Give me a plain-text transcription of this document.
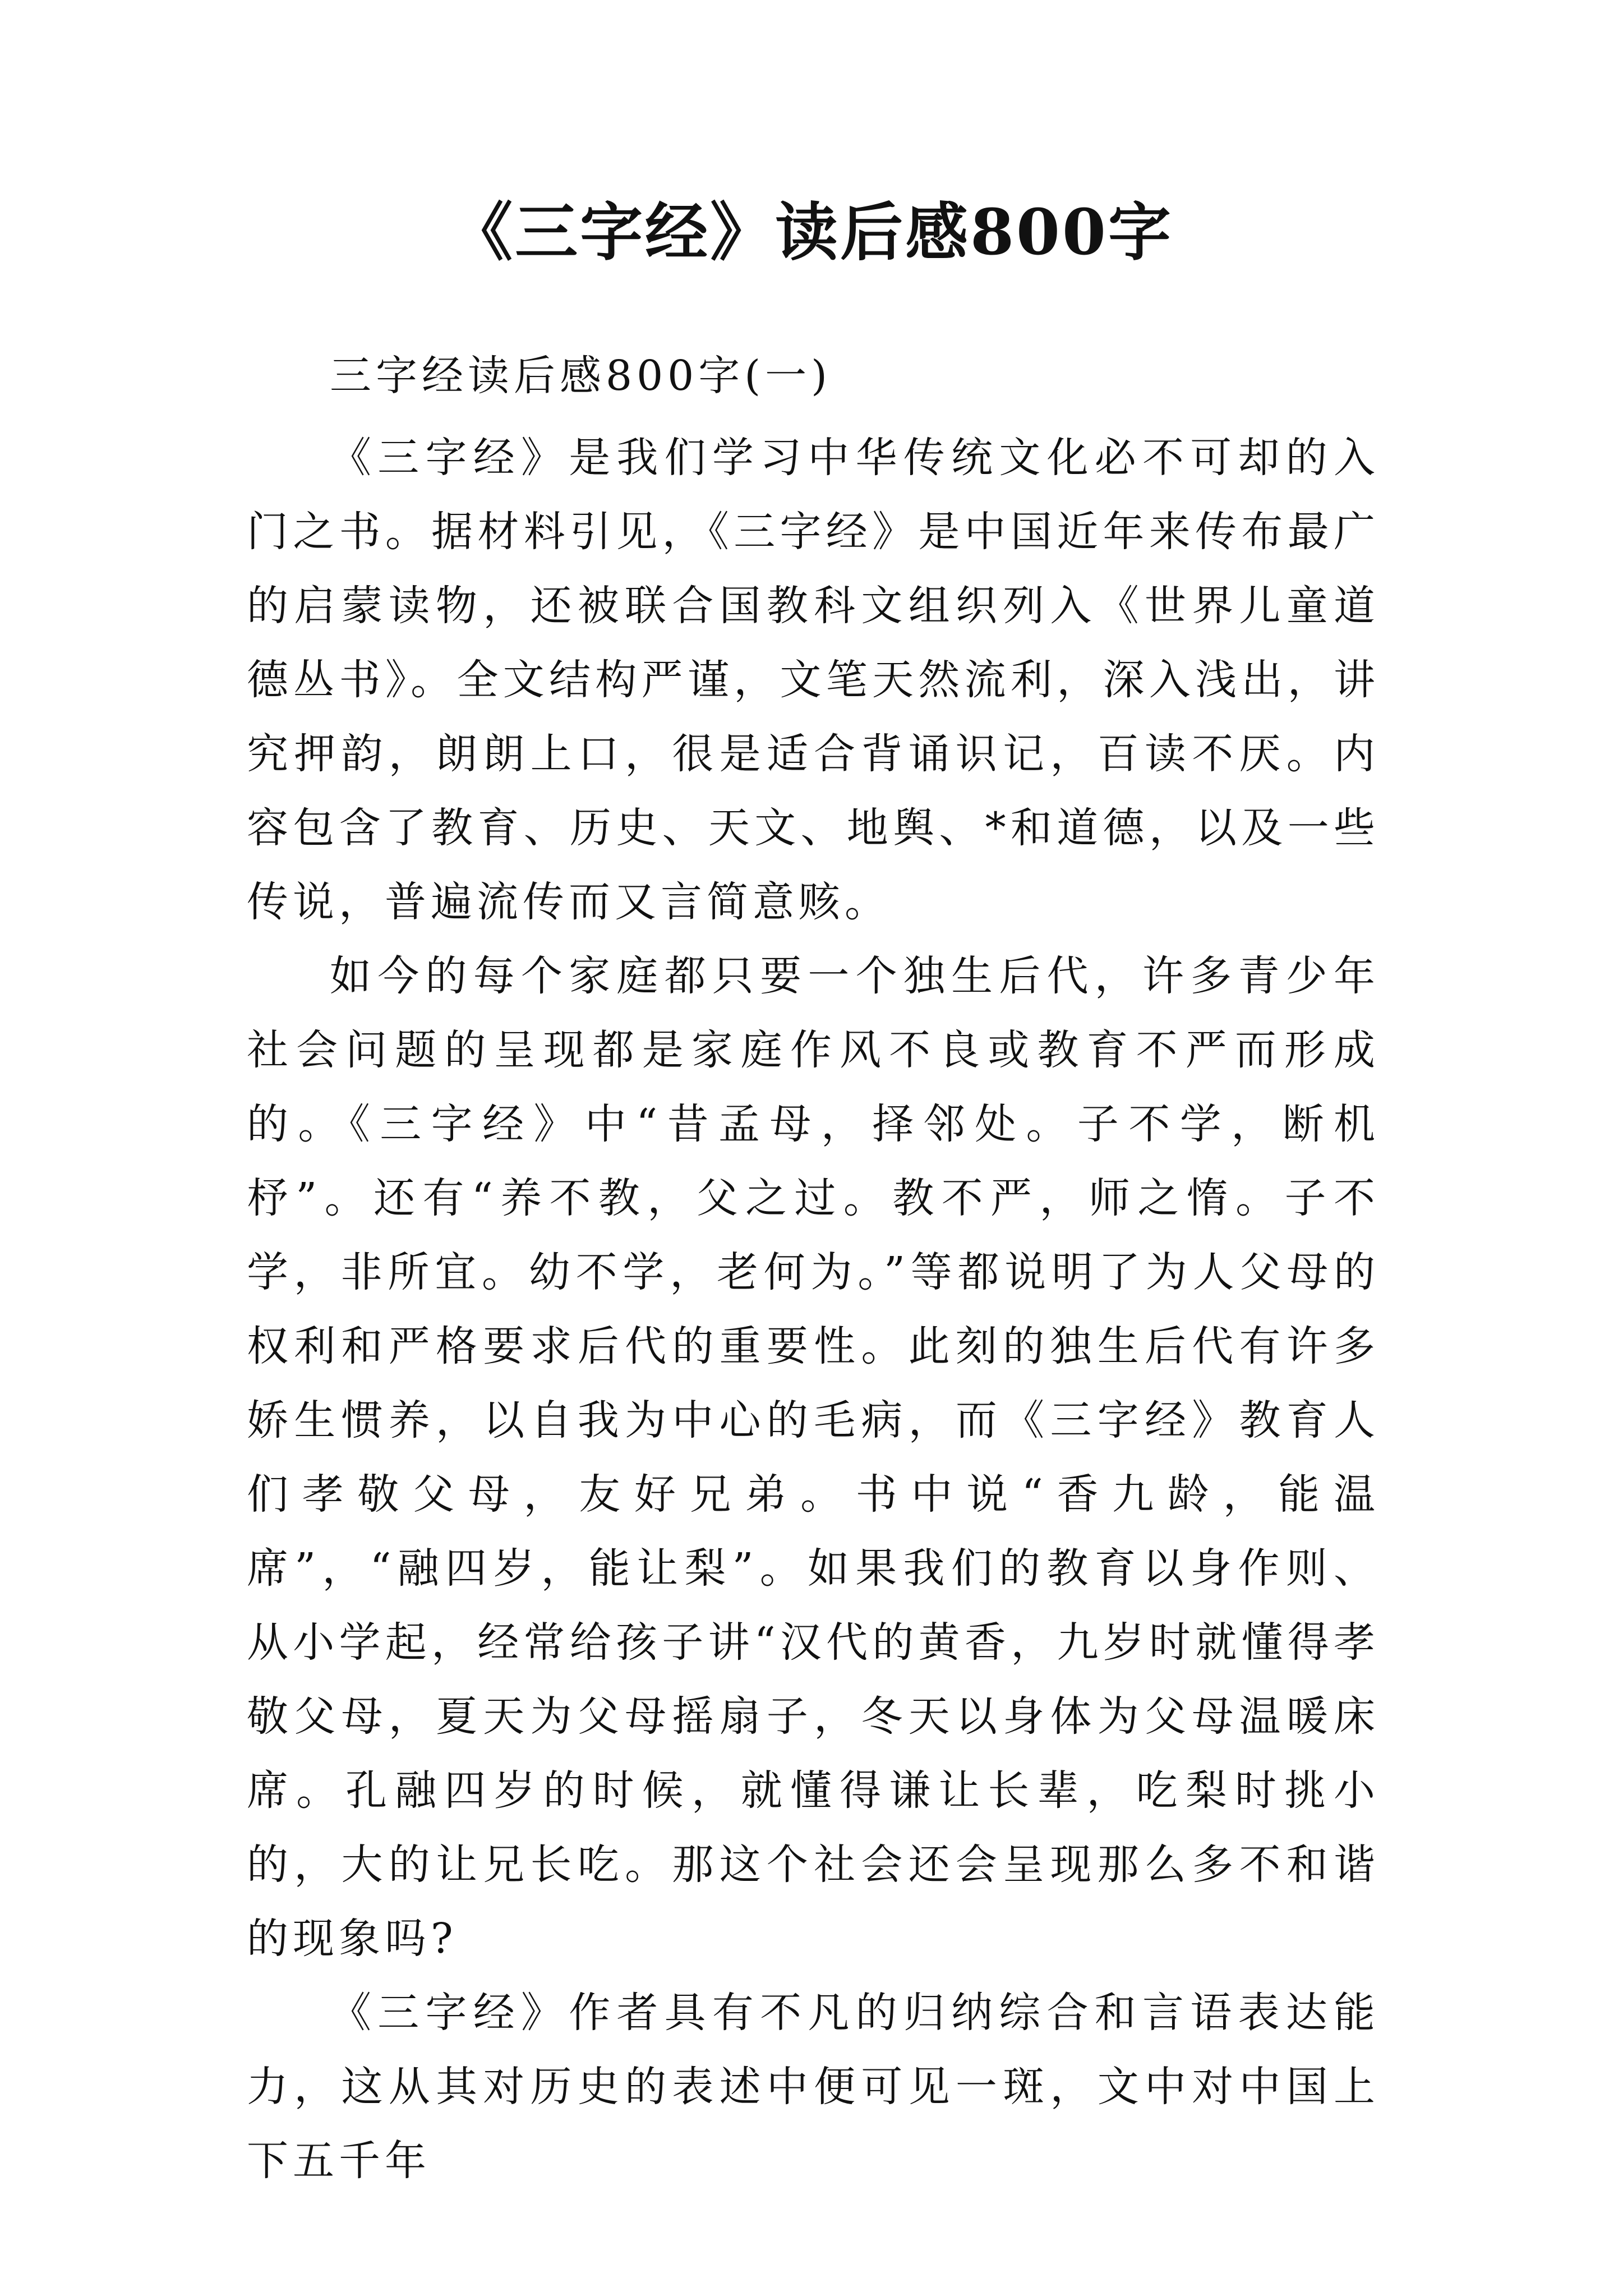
《三字经》读后感800字
三字经读后感800字(一)

《三字经》是我们学习中华传统文化必不可却的入门之书。据材料引见，《三字经》是中国近年来传布最广的启蒙读物，还被联合国教科文组织列入《世界儿童道德丛书》。全文结构严谨，文笔天然流利，深入浅出，讲究押韵，朗朗上口，很是适合背诵识记，百读不厌。内容包含了教育、历史、天文、地舆、*和道德，以及一些传说，普遍流传而又言简意赅。

如今的每个家庭都只要一个独生后代，许多青少年社会问题的呈现都是家庭作风不良或教育不严而形成的。《三字经》中“昔孟母，择邻处。子不学，断机杼”。还有“养不教，父之过。教不严，师之惰。子不学，非所宜。幼不学，老何为。”等都说明了为人父母的权利和严格要求后代的重要性。此刻的独生后代有许多娇生惯养，以自我为中心的毛病，而《三字经》教育人们孝敬父母，友好兄弟。书中说“香九龄，能温席”，“融四岁，能让梨”。如果我们的教育以身作则、从小学起，经常给孩子讲“汉代的黄香，九岁时就懂得孝敬父母，夏天为父母摇扇子，冬天以身体为父母温暖床席。孔融四岁的时候，就懂得谦让长辈，吃梨时挑小的，大的让兄长吃。那这个社会还会呈现那么多不和谐的现象吗?

《三字经》作者具有不凡的归纳综合和言语表达能力，这从其对历史的表述中便可见一斑，文中对中国上下五千年
